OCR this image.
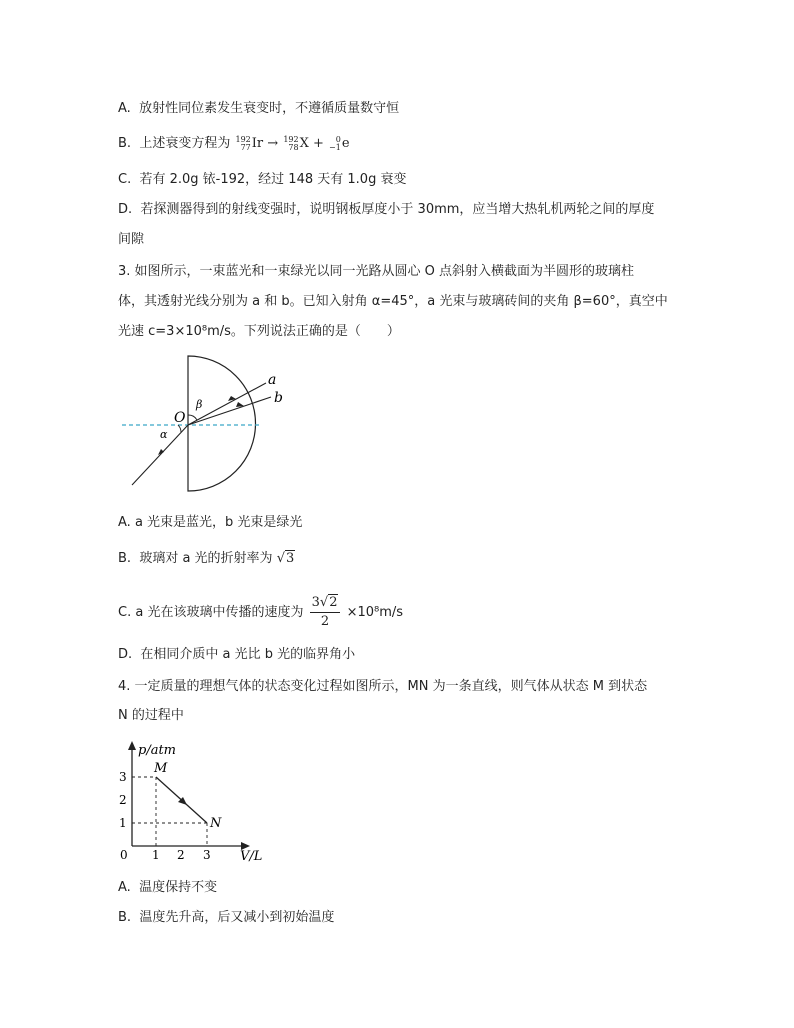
A. 放射性同位素发生衰变时，不遵循质量数守恒
B. 上述衰变方程为 192
77Ir → 192
78X + 0
−1e
C. 若有 2.0g 铱-192，经过 148 天有 1.0g 衰变
D. 若探测器得到的射线变强时，说明钢板厚度小于 30mm，应当增大热轧机两轮之间的厚度
间隙
3. 如图所示，一束蓝光和一束绿光以同一光路从圆心 O 点斜射入横截面为半圆形的玻璃柱
体，其透射光线分别为 a 和 b。已知入射角 α=45°，a 光束与玻璃砖间的夹角 β=60°，真空中
光速 c=3×10⁸m/s。下列说法正确的是（　　）
a
b
O
β
α
A. a 光束是蓝光，b 光束是绿光
B. 玻璃对 a 光的折射率为 √3
C. a 光在该玻璃中传播的速度为 $\frac{3√2}{2} \times 10^8m/s$
D. 在相同介质中 a 光比 b 光的临界角小
4. 一定质量的理想气体的状态变化过程如图所示，MN 为一条直线，则气体从状态 M 到状态
N 的过程中
p/atm
V/L
0
1
2
3
1 2 3
M
N
A. 温度保持不变
B. 温度先升高，后又减小到初始温度
